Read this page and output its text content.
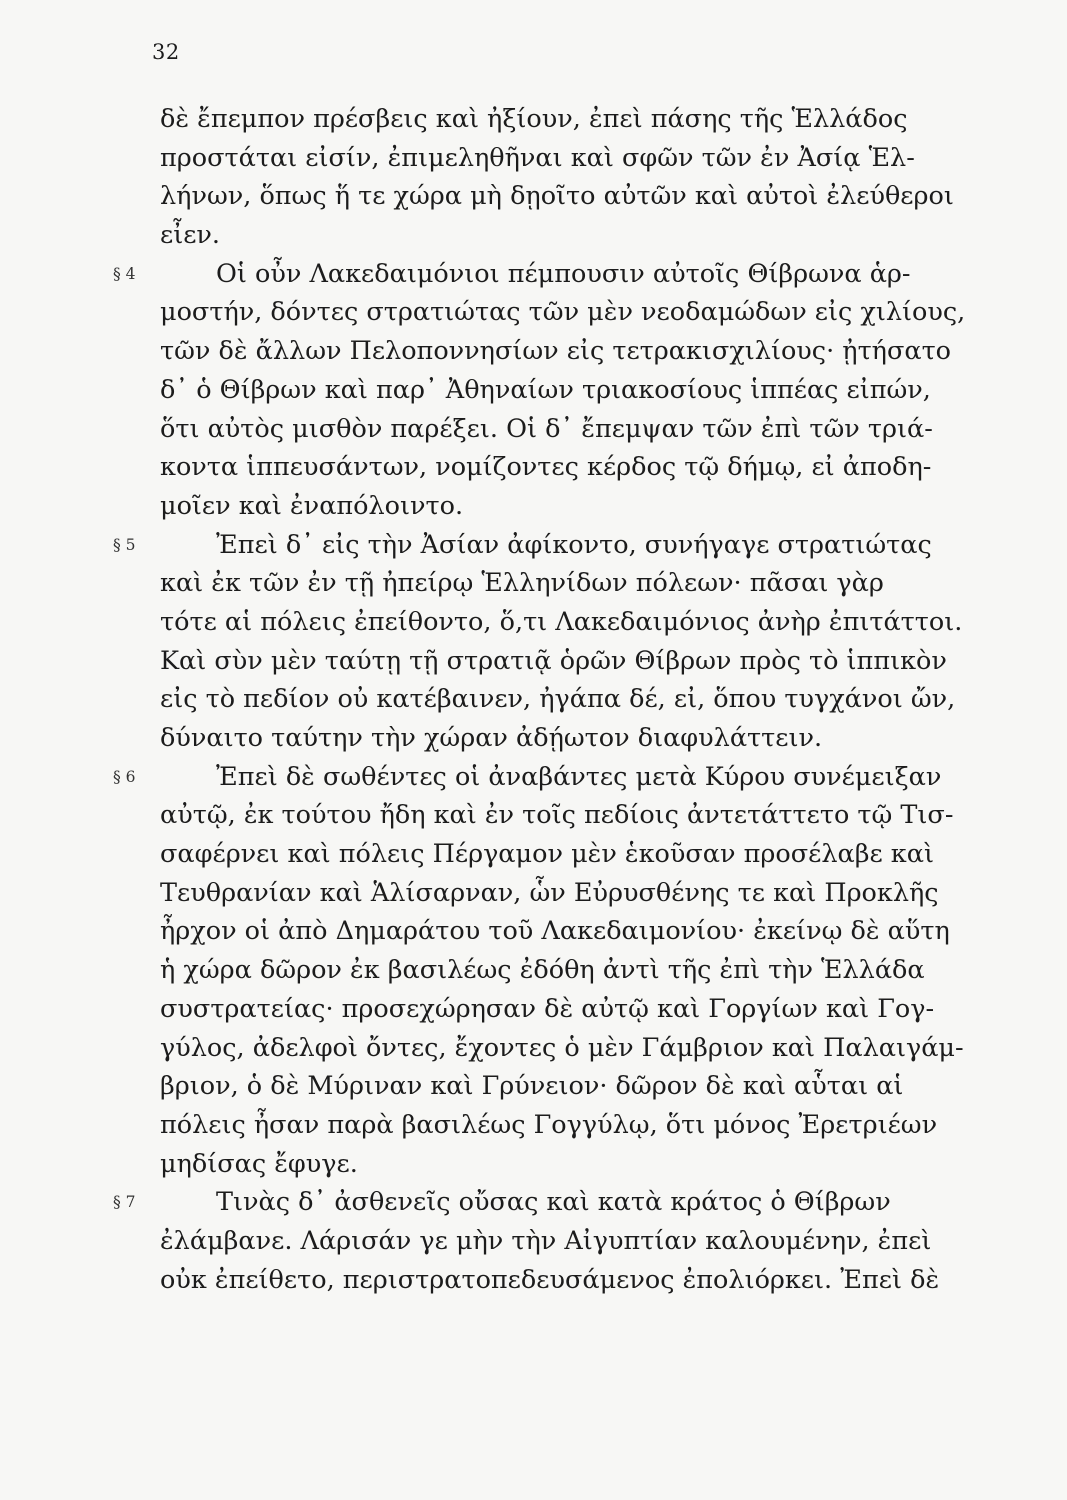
32
δὲ ἔπεμπον πρέσβεις καὶ ἠξίουν, ἐπεὶ πάσης τῆς Ἑλλάδος
προστάται εἰσίν, ἐπιμεληθῆναι καὶ σφῶν τῶν ἐν Ἀσίᾳ Ἑλ-
λήνων, ὅπως ἥ τε χώρα μὴ δῃοῖτο αὐτῶν καὶ αὐτοὶ ἐλεύθεροι
εἶεν.
§ 4	Οἱ οὖν Λακεδαιμόνιοι πέμπουσιν αὐτοῖς Θίβρωνα ἁρ-
μοστήν, δόντες στρατιώτας τῶν μὲν νεοδαμώδων εἰς χιλίους,
τῶν δὲ ἄλλων Πελοποννησίων εἰς τετρακισχιλίους· ᾐτήσατο
δ᾽ ὁ Θίβρων καὶ παρ᾽ Ἀθηναίων τριακοσίους ἱππέας εἰπών,
ὅτι αὐτὸς μισθὸν παρέξει. Οἱ δ᾽ ἔπεμψαν τῶν ἐπὶ τῶν τριά-
κοντα ἱππευσάντων, νομίζοντες κέρδος τῷ δήμῳ, εἰ ἀποδη-
μοῖεν καὶ ἐναπόλοιντο.
§ 5	Ἐπεὶ δ᾽ εἰς τὴν Ἀσίαν ἀφίκοντο, συνήγαγε στρατιώτας
καὶ ἐκ τῶν ἐν τῇ ἠπείρῳ Ἑλληνίδων πόλεων· πᾶσαι γὰρ
τότε αἱ πόλεις ἐπείθοντο, ὅ,τι Λακεδαιμόνιος ἀνὴρ ἐπιτάττοι.
Καὶ σὺν μὲν ταύτῃ τῇ στρατιᾷ ὁρῶν Θίβρων πρὸς τὸ ἱππικὸν
εἰς τὸ πεδίον οὐ κατέβαινεν, ἠγάπα δέ, εἰ, ὅπου τυγχάνοι ὤν,
δύναιτο ταύτην τὴν χώραν ἀδῄωτον διαφυλάττειν.
§ 6	Ἐπεὶ δὲ σωθέντες οἱ ἀναβάντες μετὰ Κύρου συνέμειξαν
αὐτῷ, ἐκ τούτου ἤδη καὶ ἐν τοῖς πεδίοις ἀντετάττετο τῷ Τισ-
σαφέρνει καὶ πόλεις Πέργαμον μὲν ἑκοῦσαν προσέλαβε καὶ
Τευθρανίαν καὶ Ἁλίσαρναν, ὧν Εὐρυσθένης τε καὶ Προκλῆς
ἦρχον οἱ ἀπὸ Δημαράτου τοῦ Λακεδαιμονίου· ἐκείνῳ δὲ αὕτη
ἡ χώρα δῶρον ἐκ βασιλέως ἐδόθη ἀντὶ τῆς ἐπὶ τὴν Ἑλλάδα
συστρατείας· προσεχώρησαν δὲ αὐτῷ καὶ Γοργίων καὶ Γογ-
γύλος, ἀδελφοὶ ὄντες, ἔχοντες ὁ μὲν Γάμβριον καὶ Παλαιγάμ-
βριον, ὁ δὲ Μύριναν καὶ Γρύνειον· δῶρον δὲ καὶ αὗται αἱ
πόλεις ἦσαν παρὰ βασιλέως Γογγύλῳ, ὅτι μόνος Ἐρετριέων
μηδίσας ἔφυγε.
§ 7	Τινὰς δ᾽ ἀσθενεῖς οὔσας καὶ κατὰ κράτος ὁ Θίβρων
ἐλάμβανε. Λάρισάν γε μὴν τὴν Αἰγυπτίαν καλουμένην, ἐπεὶ
οὐκ ἐπείθετο, περιστρατοπεδευσάμενος ἐπολιόρκει. Ἐπεὶ δὲ
